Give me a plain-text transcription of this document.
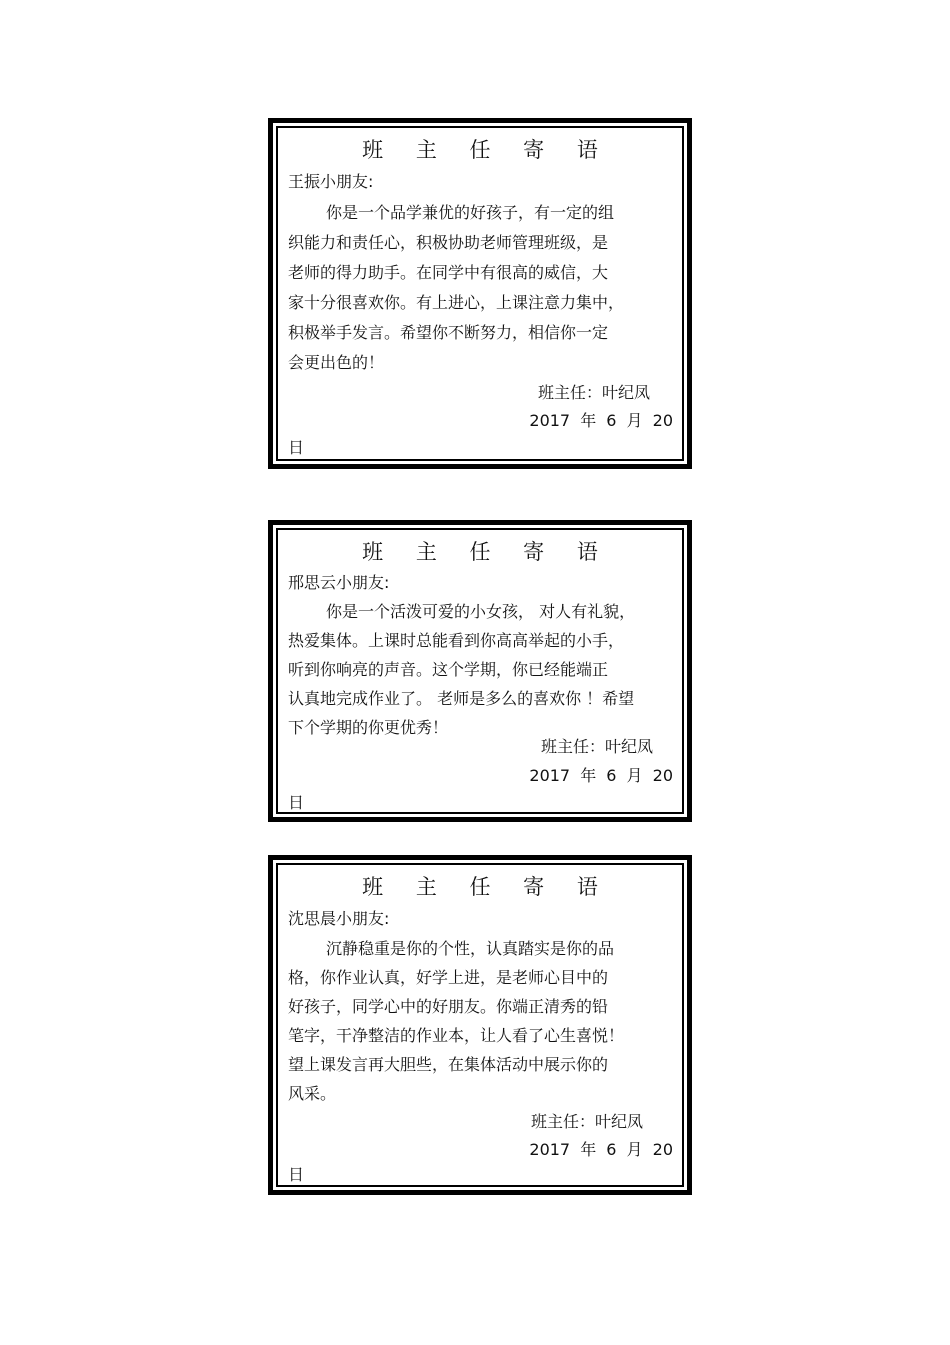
班 主 任 寄 语
王振小朋友:
你是一个品学兼优的好孩子，有一定的组
织能力和责任心，积极协助老师管理班级，是
老师的得力助手。在同学中有很高的威信，大
家十分很喜欢你。有上进心，上课注意力集中，
积极举手发言。希望你不断努力，相信你一定
会更出色的！
班主任：叶纪凤
2017 年 6 月 20
日
班 主 任 寄 语
邢思云小朋友:
你是一个活泼可爱的小女孩， 对人有礼貌，
热爱集体。上课时总能看到你高高举起的小手，
听到你响亮的声音。这个学期，你已经能端正
认真地完成作业了。 老师是多么的喜欢你 ！希望
下个学期的你更优秀！
班主任：叶纪凤
2017 年 6 月 20
日
班 主 任 寄 语
沈思晨小朋友:
沉静稳重是你的个性，认真踏实是你的品
格，你作业认真，好学上进，是老师心目中的
好孩子，同学心中的好朋友。你端正清秀的铅
笔字，干净整洁的作业本，让人看了心生喜悦！
望上课发言再大胆些，在集体活动中展示你的
风采。
班主任：叶纪凤
2017 年 6 月 20
日
